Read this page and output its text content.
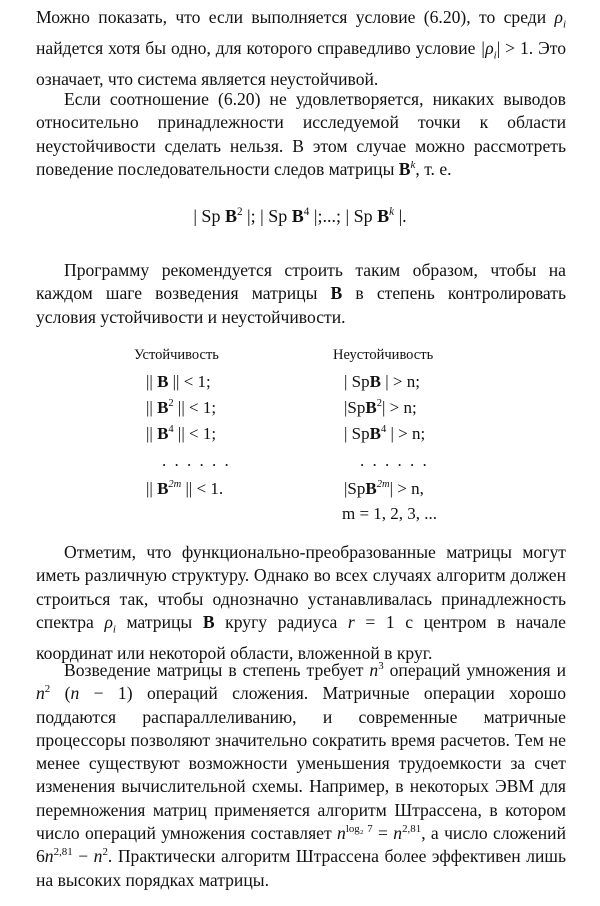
Можно показать, что если выполняется условие (6.20), то среди $\rho_i$ найдется хотя бы одно, для которого справедливо условие $|\rho_i| > 1$. Это означает, что система является неустойчивой.
Если соотношение (6.20) не удовлетворяется, никаких выводов относительно принадлежности исследуемой точки к области неустойчивости сделать нельзя. В этом случае можно рассмотреть поведение последовательности следов матрицы $B^k$, т. е.
| Sp $B^2$ |; | Sp $B^4$ |;...; | Sp $B^k$ |.
Программу рекомендуется строить таким образом, чтобы на каждом шаге возведения матрицы B в степень контролировать условия устойчивости и неустойчивости.
Устойчивость	Неустойчивость
|| B || < 1;
|| $B^2$ || < 1;
|| $B^4$ || < 1;
. . . . . .
|| $B^{2m}$ || < 1.
| SpB | > n;
|SpB$^2$| > n;
| SpB$^4$ | > n;
. . . . . .
|SpB$^{2m}$| > n,
m = 1, 2, 3, ...
Отметим, что функционально-преобразованные матрицы могут иметь различную структуру. Однако во всех случаях алгоритм должен строиться так, чтобы однозначно устанавливалась принадлежность спектра $\rho_i$ матрицы B кругу радиуса r = 1 с центром в начале координат или некоторой области, вложенной в круг.
Возведение матрицы в степень требует $n^3$ операций умножения и $n^2$ (n − 1) операций сложения. Матричные операции хорошо поддаются распараллеливанию, и современные матричные процессоры позволяют значительно сократить время расчетов. Тем не менее существуют возможности уменьшения трудоемкости за счет изменения вычислительной схемы. Например, в некоторых ЭВМ для перемножения матриц применяется алгоритм Штрассена, в котором число операций умножения составляет $n^{log_2 7} = n^{2,81}$, а число сложений $6n^{2,81} - n^2$. Практически алгоритм Штрассена более эффективен лишь на высоких порядках матрицы.
